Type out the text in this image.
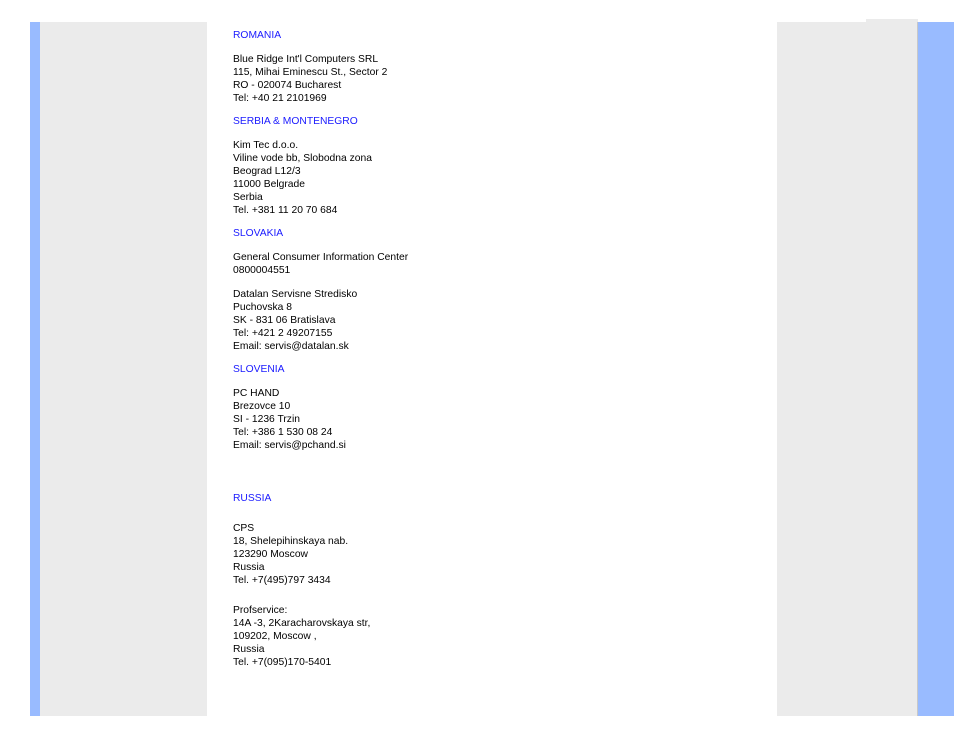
ROMANIA
Blue Ridge Int'l Computers SRL
115, Mihai Eminescu St., Sector 2
RO - 020074 Bucharest
Tel: +40 21 2101969
SERBIA & MONTENEGRO
Kim Tec d.o.o.
Viline vode bb, Slobodna zona
Beograd L12/3
11000 Belgrade
Serbia
Tel. +381 11 20 70 684
SLOVAKIA
General Consumer Information Center
0800004551
Datalan Servisne Stredisko
Puchovska 8
SK - 831 06 Bratislava
Tel: +421 2 49207155
Email: servis@datalan.sk
SLOVENIA
PC HAND
Brezovce 10
SI - 1236 Trzin
Tel: +386 1 530 08 24
Email: servis@pchand.si
RUSSIA
CPS
18, Shelepihinskaya nab.
123290 Moscow
Russia
Tel. +7(495)797 3434
Profservice:
14A -3, 2Karacharovskaya str,
109202, Moscow ,
Russia
Tel. +7(095)170-5401
